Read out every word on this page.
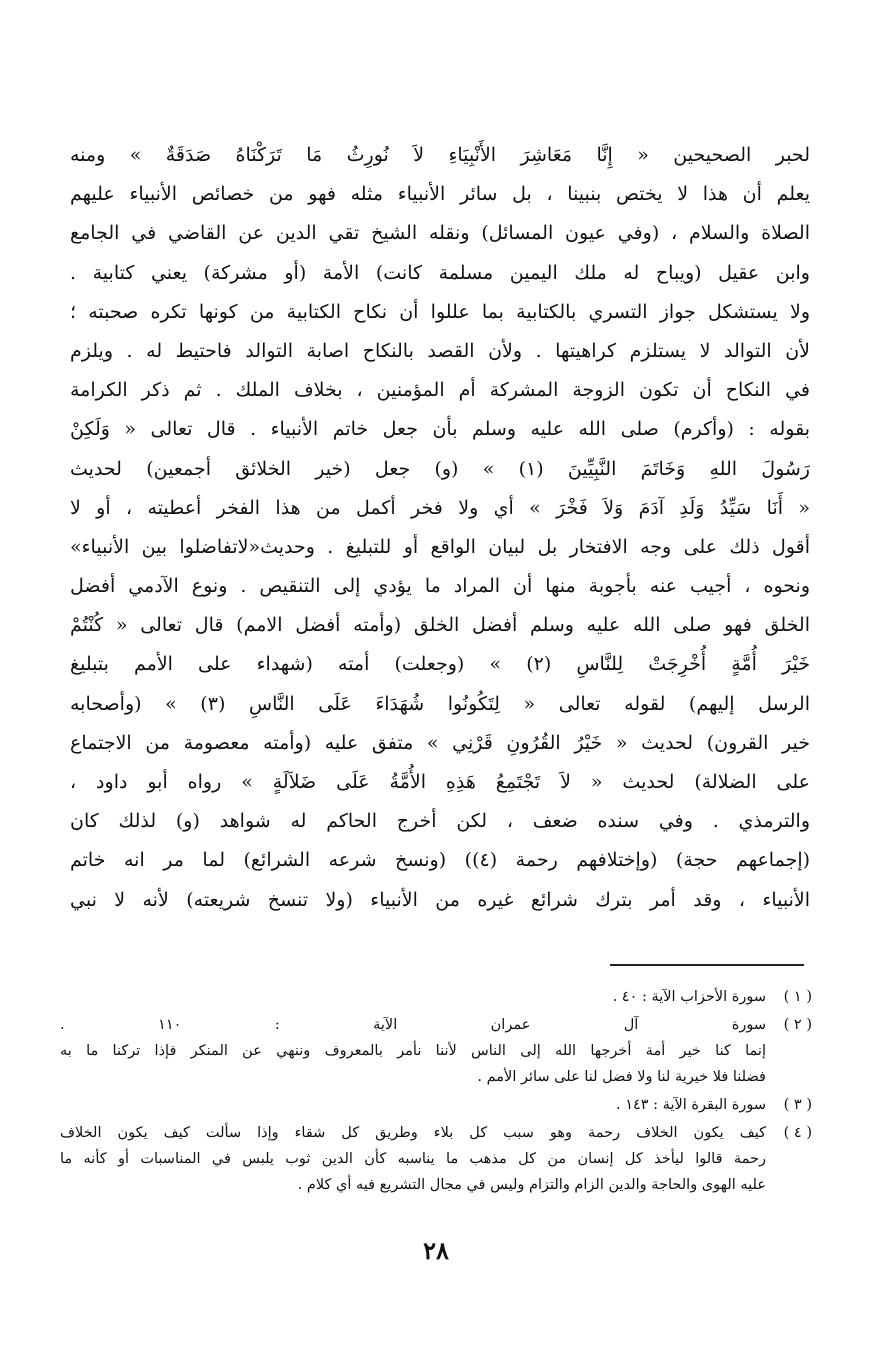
لحبر الصحيحين « إِنَّا مَعَاشِرَ الأَنْبِيَاءِ لاَ نُورِثُ مَا تَرَكْنَاهُ صَدَقَةٌ » ومنه
يعلم أن هذا لا يختص بنبينا ، بل سائر الأنبياء مثله فهو من خصائص الأنبياء عليهم
الصلاة والسلام ، (وفي عيون المسائل) ونقله الشيخ تقي الدين عن القاضي في الجامع
وابن عقيل (ويباح له ملك اليمين مسلمة كانت) الأمة (أو مشركة) يعني كتابية .
ولا يستشكل جواز التسري بالكتابية بما عللوا أن نكاح الكتابية من كونها تكره صحبته ؛
لأن التوالد لا يستلزم كراهيتها . ولأن القصد بالنكاح اصابة التوالد فاحتيط له . ويلزم
في النكاح أن تكون الزوجة المشركة أم المؤمنين ، بخلاف الملك . ثم ذكر الكرامة
بقوله : (وأكرم) صلى الله عليه وسلم بأن جعل خاتم الأنبياء . قال تعالى « وَلَكِنْ
رَسُولَ اللهِ وَخَاتَمَ النَّبِيِّينَ (١) » (و) جعل (خير الخلائق أجمعين) لحديث
« أَنَا سَيِّدُ وَلَدِ آدَمَ وَلاَ فَخْرَ » أي ولا فخر أكمل من هذا الفخر أعطيته ، أو لا
أقول ذلك على وجه الافتخار بل لبيان الواقع أو للتبليغ . وحديث«لاتفاضلوا بين الأنبياء»
ونحوه ، أجيب عنه بأجوبة منها أن المراد ما يؤدي إلى التنقيص . ونوع الآدمي أفضل
الخلق فهو صلى الله عليه وسلم أفضل الخلق (وأمته أفضل الامم) قال تعالى « كُنْتُمْ
خَيْرَ أُمَّةٍ أُخْرِجَتْ لِلنَّاسِ (٢) » (وجعلت) أمته (شهداء على الأمم بتبليغ
الرسل إليهم) لقوله تعالى « لِتَكُونُوا شُهَدَاءَ عَلَى النَّاسِ (٣) » (وأصحابه
خير القرون) لحديث « خَيْرُ القُرُونِ قَرْنِي » متفق عليه (وأمته معصومة من الاجتماع
على الضلالة) لحديث « لاَ تَجْتَمِعُ هَذِهِ الأُمَّةُ عَلَى ضَلاَلَةٍ » رواه أبو داود ،
والترمذي . وفي سنده ضعف ، لكن أخرج الحاكم له شواهد (و) لذلك كان
(إجماعهم حجة) (وإختلافهم رحمة (٤)) (ونسخ شرعه الشرائع) لما مر انه خاتم
الأنبياء ، وقد أمر بترك شرائع غيره من الأنبياء (ولا تنسخ شريعته) لأنه لا نبي
( ١ )
سورة الأحزاب الآية : ٤٠ .
( ٢ )
سورة آل عمران الآية : ١١٠ .
إنما كنا خير أمة أخرجها الله إلى الناس لأننا نأمر بالمعروف وننهي عن المنكر فإذا تركنا ما به
فضلنا فلا خيرية لنا ولا فضل لنا على سائر الأمم .
( ٣ )
سورة البقرة الآية : ١٤٣ .
( ٤ )
كيف يكون الخلاف رحمة وهو سبب كل بلاء وطريق كل شقاء وإذا سألت كيف يكون الخلاف
رحمة قالوا ليأخذ كل إنسان من كل مذهب ما يناسبه كأن الدين ثوب يلبس في المناسبات أو كأنه ما
عليه الهوى والحاجة والدين الزام والتزام وليس في مجال التشريع فيه أي كلام .
٢٨
